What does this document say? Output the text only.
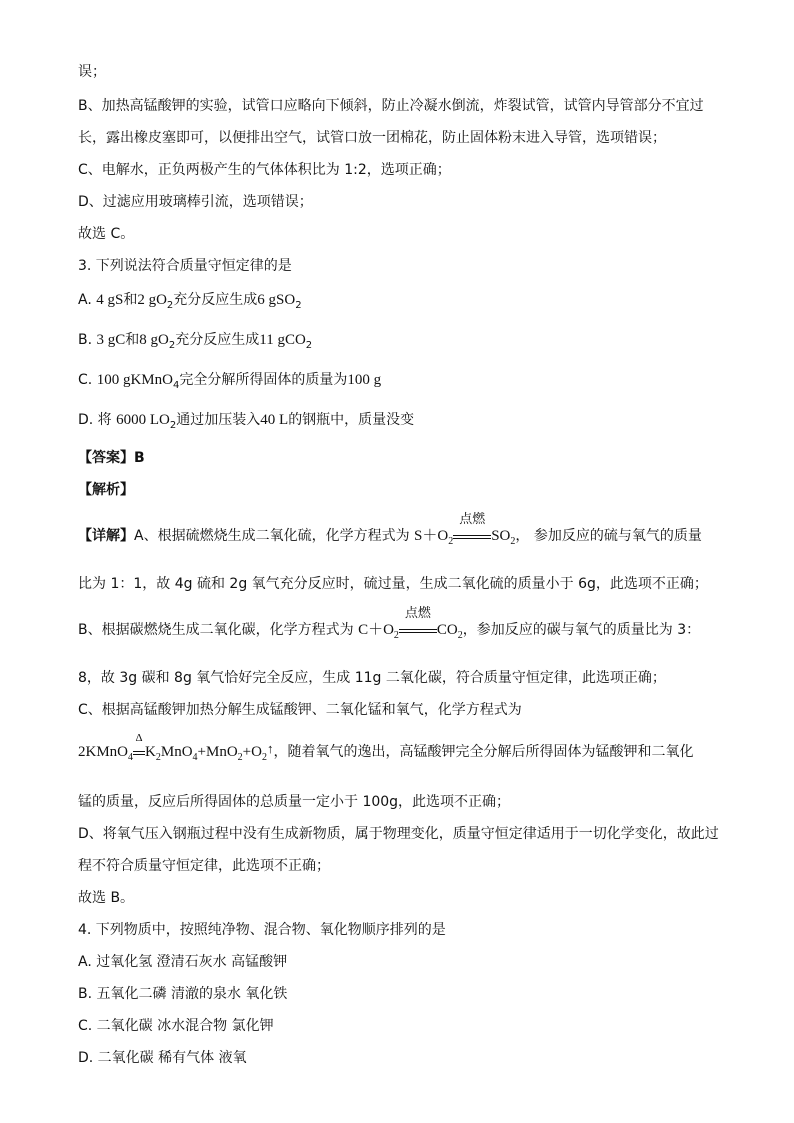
误；
B、加热高锰酸钾的实验，试管口应略向下倾斜，防止冷凝水倒流，炸裂试管，试管内导管部分不宜过
长，露出橡皮塞即可，以便排出空气，试管口放一团棉花，防止固体粉末进入导管，选项错误；
C、电解水，正负两极产生的气体体积比为 1:2，选项正确；
D、过滤应用玻璃棒引流，选项错误；
故选 C。
3. 下列说法符合质量守恒定律的是
A. 4 gS和2 $gO_2$充分反应生成6 gSO$_2$
B. 3 gC和8 $gO_2$充分反应生成11 gCO$_2$
C. 100 gKMnO$_4$完全分解所得固体的质量为100 g
D. 将 6000 $LO_2$通过加压装入40 L的钢瓶中，质量没变
【答案】B
【解析】
【详解】A、根据硫燃烧生成二氧化硫，化学方程式为 $S+O_2$
点燃
$SO_2$， 参加反应的硫与氧气的质量
比为 1：1，故 4g 硫和 2g 氧气充分反应时，硫过量，生成二氧化硫的质量小于 6g，此选项不正确；
B、根据碳燃烧生成二氧化碳，化学方程式为 $C+O_2$
点燃
$CO_2$，参加反应的碳与氧气的质量比为 3：
8，故 3g 碳和 8g 氧气恰好完全反应，生成 11g 二氧化碳，符合质量守恒定律，此选项正确；
C、根据高锰酸钾加热分解生成锰酸钾、二氧化锰和氧气，化学方程式为
2KMnO$_4$
Δ
$K_2MnO_4+MnO_2+O_2↑$，随着氧气的逸出，高锰酸钾完全分解后所得固体为锰酸钾和二氧化
锰的质量，反应后所得固体的总质量一定小于 100g，此选项不正确；
D、将氧气压入钢瓶过程中没有生成新物质，属于物理变化，质量守恒定律适用于一切化学变化，故此过
程不符合质量守恒定律，此选项不正确；
故选 B。
4. 下列物质中，按照纯净物、混合物、氧化物顺序排列的是
A. 过氧化氢 澄清石灰水 高锰酸钾
B. 五氧化二磷 清澈的泉水 氧化铁
C. 二氧化碳 冰水混合物 氯化钾
D. 二氧化碳 稀有气体 液氧
